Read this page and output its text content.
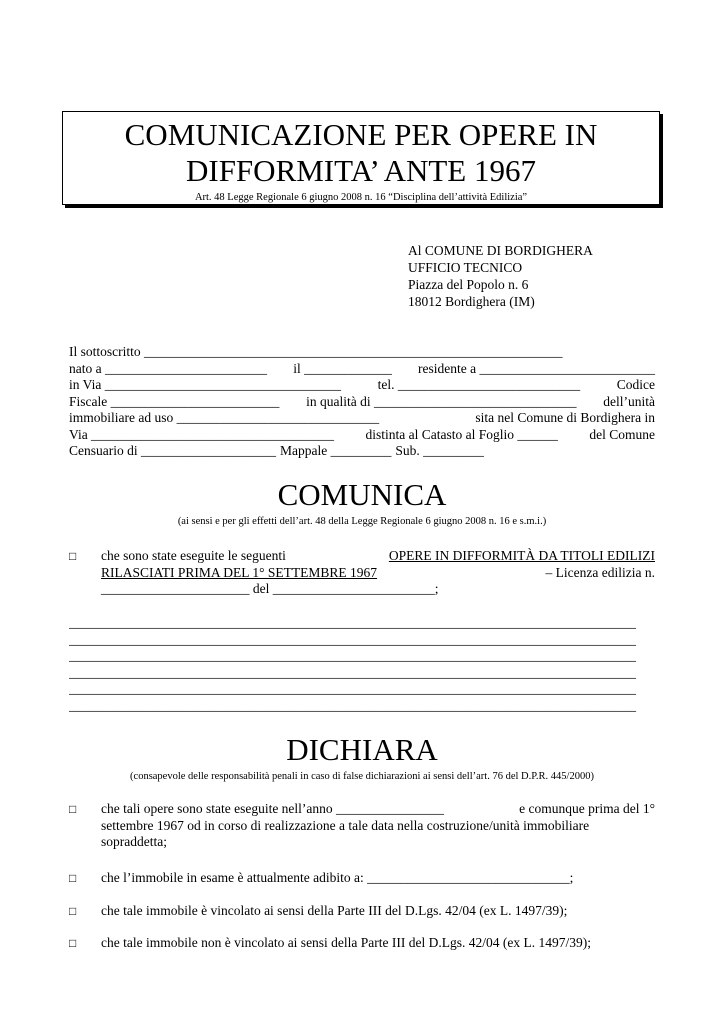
COMUNICAZIONE PER OPERE IN
DIFFORMITA’ ANTE 1967
Art. 48 Legge Regionale 6 giugno 2008 n. 16 “Disciplina dell’attività Edilizia”
Al COMUNE DI BORDIGHERA
UFFICIO TECNICO
Piazza del Popolo n. 6
18012 Bordighera (IM)
Il sottoscritto ______________________________________________________________
nato a ________________________ il _____________ residente a __________________________
in Via ___________________________________	tel. ___________________________	Codice
Fiscale _________________________ in qualità di ______________________________ dell’unità
immobiliare ad uso ______________________________	sita nel Comune di Bordighera in
Via ____________________________________ distinta al Catasto al Foglio ______ del Comune
Censuario di ____________________ Mappale _________ Sub. _________
COMUNICA
(ai sensi e per gli effetti dell’art. 48 della Legge Regionale 6 giugno 2008 n. 16 e s.m.i.)
□ che sono state eseguite le seguenti	OPERE IN DIFFORMITÀ DA TITOLI EDILIZI
RILASCIATI PRIMA DEL 1° SETTEMBRE 1967	– Licenza edilizia n.
______________________ del ________________________;
____________________________________________________________________________________
____________________________________________________________________________________
____________________________________________________________________________________
____________________________________________________________________________________
____________________________________________________________________________________
____________________________________________________________________________________
DICHIARA
(consapevole delle responsabilità penali in caso di false dichiarazioni ai sensi dell’art. 76 del D.P.R. 445/2000)
□ che tali opere sono state eseguite nell’anno ________________	e comunque prima del 1°
settembre 1967 od in corso di realizzazione a tale data nella costruzione/unità immobiliare
sopraddetta;
□ che l’immobile in esame è attualmente adibito a: ______________________________;
□ che tale immobile è vincolato ai sensi della Parte III del D.Lgs. 42/04 (ex L. 1497/39);
□ che tale immobile non è vincolato ai sensi della Parte III del D.Lgs. 42/04 (ex L. 1497/39);
